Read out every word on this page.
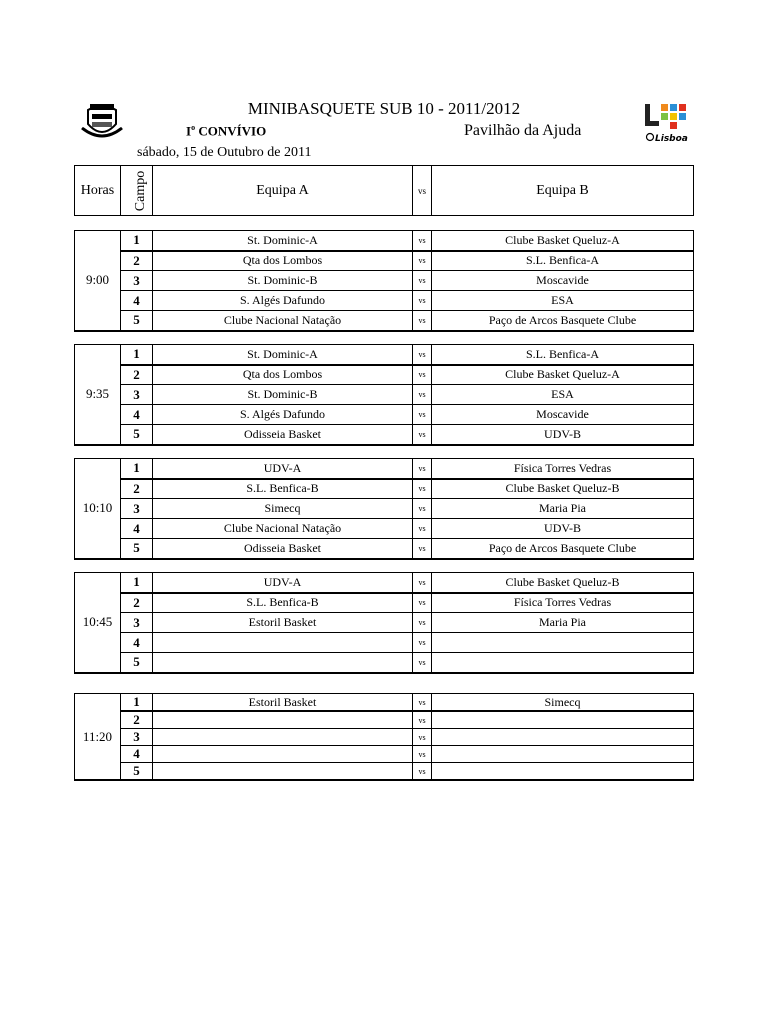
MINIBASQUETE SUB 10 - 2011/2012
$I^o$ CONVÍVIO	Pavilhão da Ajuda
sábado, 15 de Outubro de 2011
Lisboa
Horas	Campo	Equipa A	vs	Equipa B
9:00	1	St. Dominic-A	vs	Clube Basket Queluz-A
	2	Qta dos Lombos	vs	S.L. Benfica-A
	3	St. Dominic-B	vs	Moscavide
	4	S. Algés Dafundo	vs	ESA
	5	Clube Nacional Natação	vs	Paço de Arcos Basquete Clube
9:35	1	St. Dominic-A	vs	S.L. Benfica-A
	2	Qta dos Lombos	vs	Clube Basket Queluz-A
	3	St. Dominic-B	vs	ESA
	4	S. Algés Dafundo	vs	Moscavide
	5	Odisseia Basket	vs	UDV-B
10:10	1	UDV-A	vs	Física Torres Vedras
	2	S.L. Benfica-B	vs	Clube Basket Queluz-B
	3	Simecq	vs	Maria Pia
	4	Clube Nacional Natação	vs	UDV-B
	5	Odisseia Basket	vs	Paço de Arcos Basquete Clube
10:45	1	UDV-A	vs	Clube Basket Queluz-B
	2	S.L. Benfica-B	vs	Física Torres Vedras
	3	Estoril Basket	vs	Maria Pia
	4		vs	
	5		vs	
11:20	1	Estoril Basket	vs	Simecq
	2		vs	
	3		vs	
	4		vs	
	5		vs	
